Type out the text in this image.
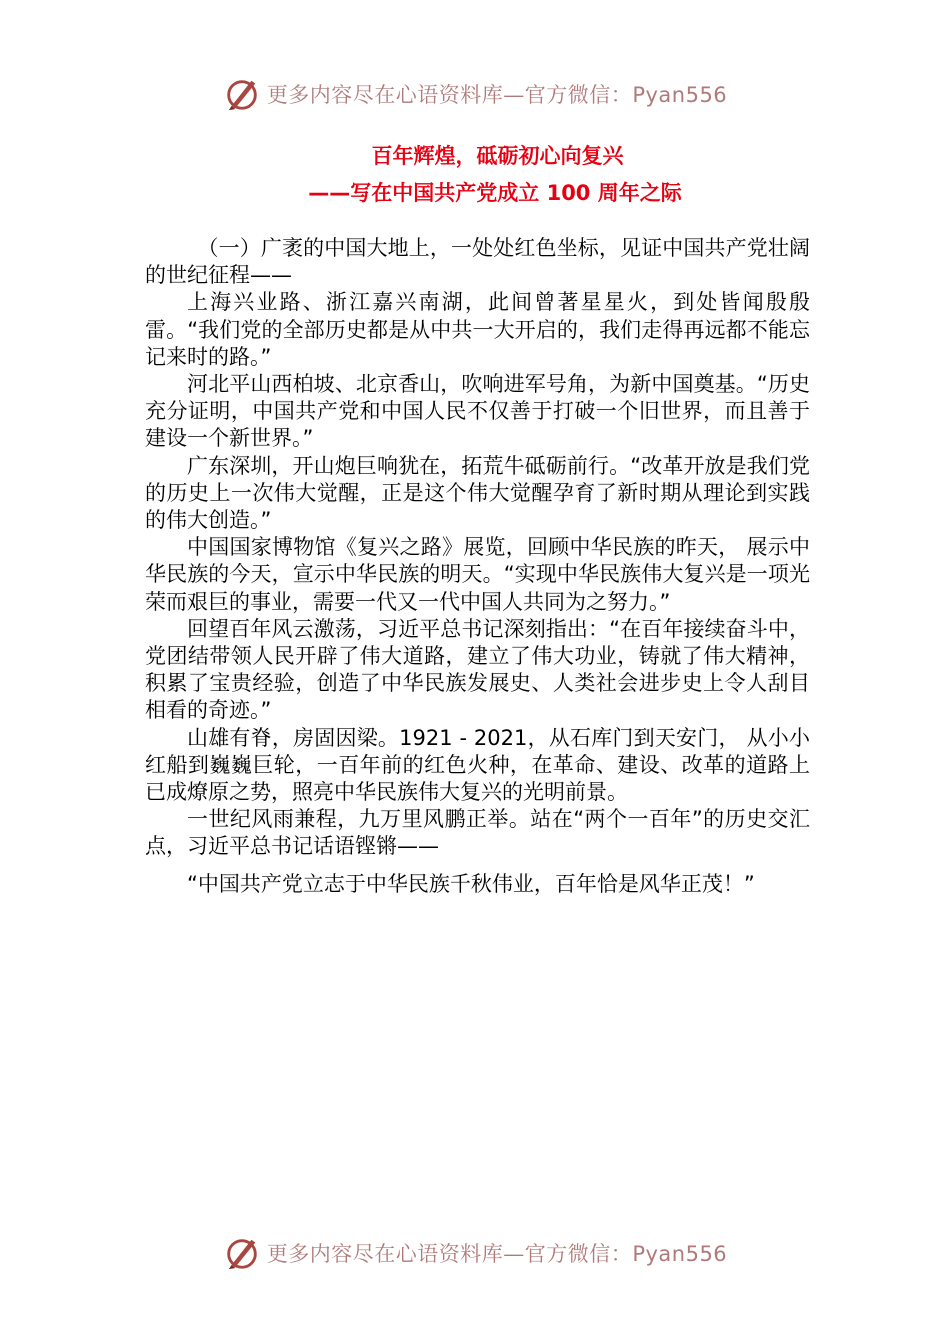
更多内容尽在心语资料库—官方微信：Pyan556
百年辉煌，砥砺初心向复兴
——写在中国共产党成立 100 周年之际

（一）广袤的中国大地上，一处处红色坐标，见证中国共产党壮阔的世纪征程——

上海兴业路、浙江嘉兴南湖，此间曾著星星火，到处皆闻殷殷雷。“我们党的全部历史都是从中共一大开启的，我们走得再远都不能忘记来时的路。”

河北平山西柏坡、北京香山，吹响进军号角，为新中国奠基。“历史充分证明，中国共产党和中国人民不仅善于打破一个旧世界，而且善于建设一个新世界。”

广东深圳，开山炮巨响犹在，拓荒牛砥砺前行。“改革开放是我们党的历史上一次伟大觉醒，正是这个伟大觉醒孕育了新时期从理论到实践的伟大创造。”

中国国家博物馆《复兴之路》展览，回顾中华民族的昨天， 展示中华民族的今天，宣示中华民族的明天。“实现中华民族伟大复兴是一项光荣而艰巨的事业，需要一代又一代中国人共同为之努力。”

回望百年风云激荡，习近平总书记深刻指出：“在百年接续奋斗中，党团结带领人民开辟了伟大道路，建立了伟大功业，铸就了伟大精神，积累了宝贵经验，创造了中华民族发展史、人类社会进步史上令人刮目相看的奇迹。”

山雄有脊，房固因梁。1921 - 2021，从石库门到天安门， 从小小红船到巍巍巨轮，一百年前的红色火种，在革命、建设、改革的道路上已成燎原之势，照亮中华民族伟大复兴的光明前景。

一世纪风雨兼程，九万里风鹏正举。站在“两个一百年”的历史交汇点，习近平总书记话语铿锵——

“中国共产党立志于中华民族千秋伟业，百年恰是风华正茂！”

更多内容尽在心语资料库—官方微信：Pyan556
